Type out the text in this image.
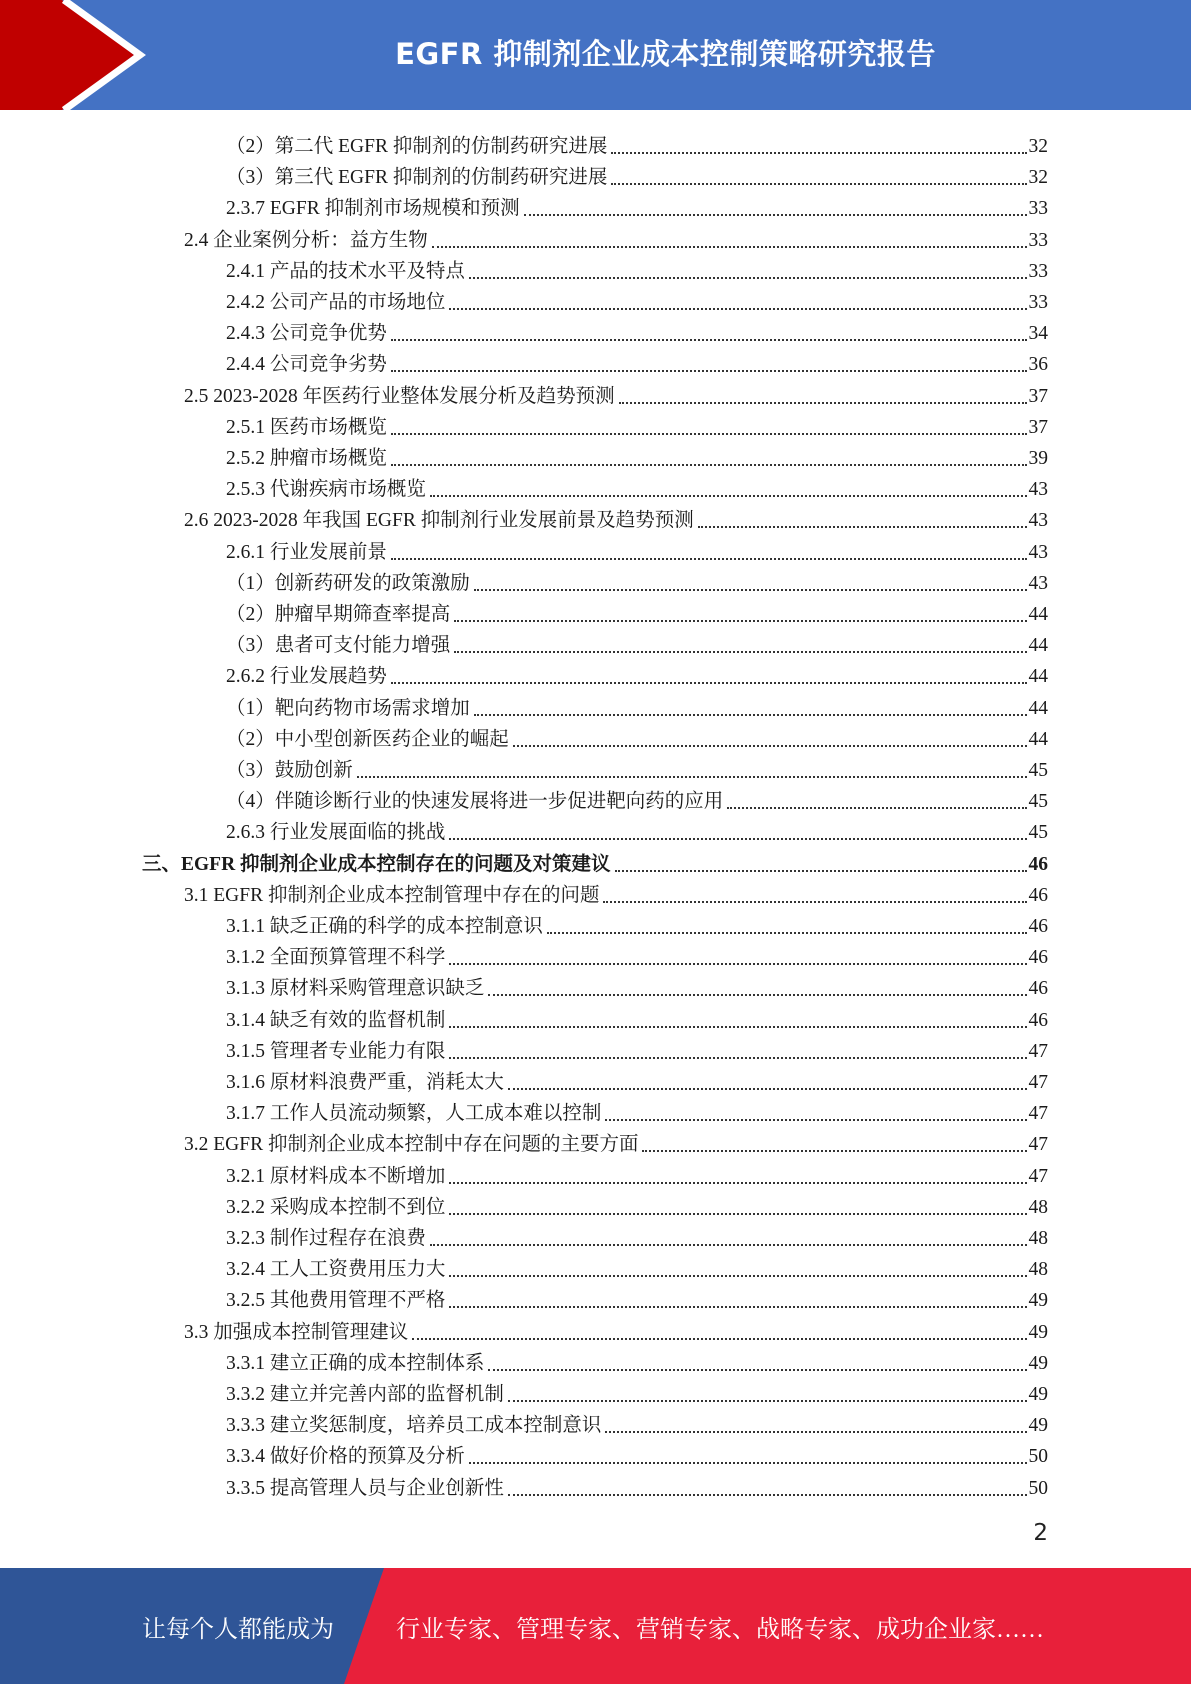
EGFR 抑制剂企业成本控制策略研究报告
（2）第二代 EGFR 抑制剂的仿制药研究进展	32
（3）第三代 EGFR 抑制剂的仿制药研究进展	32
2.3.7 EGFR 抑制剂市场规模和预测	33
2.4 企业案例分析：益方生物	33
2.4.1 产品的技术水平及特点	33
2.4.2 公司产品的市场地位	33
2.4.3 公司竞争优势	34
2.4.4 公司竞争劣势	36
2.5 2023-2028 年医药行业整体发展分析及趋势预测	37
2.5.1 医药市场概览	37
2.5.2 肿瘤市场概览	39
2.5.3 代谢疾病市场概览	43
2.6 2023-2028 年我国 EGFR 抑制剂行业发展前景及趋势预测	43
2.6.1 行业发展前景	43
（1）创新药研发的政策激励	43
（2）肿瘤早期筛查率提高	44
（3）患者可支付能力增强	44
2.6.2 行业发展趋势	44
（1）靶向药物市场需求增加	44
（2）中小型创新医药企业的崛起	44
（3）鼓励创新	45
（4）伴随诊断行业的快速发展将进一步促进靶向药的应用	45
2.6.3 行业发展面临的挑战	45
三、EGFR 抑制剂企业成本控制存在的问题及对策建议	46
3.1 EGFR 抑制剂企业成本控制管理中存在的问题	46
3.1.1 缺乏正确的科学的成本控制意识	46
3.1.2 全面预算管理不科学	46
3.1.3 原材料采购管理意识缺乏	46
3.1.4 缺乏有效的监督机制	46
3.1.5 管理者专业能力有限	47
3.1.6 原材料浪费严重，消耗太大	47
3.1.7 工作人员流动频繁，人工成本难以控制	47
3.2 EGFR 抑制剂企业成本控制中存在问题的主要方面	47
3.2.1 原材料成本不断增加	47
3.2.2 采购成本控制不到位	48
3.2.3 制作过程存在浪费	48
3.2.4 工人工资费用压力大	48
3.2.5 其他费用管理不严格	49
3.3 加强成本控制管理建议	49
3.3.1 建立正确的成本控制体系	49
3.3.2 建立并完善内部的监督机制	49
3.3.3 建立奖惩制度，培养员工成本控制意识	49
3.3.4 做好价格的预算及分析	50
3.3.5 提高管理人员与企业创新性	50
2
让每个人都能成为	行业专家、管理专家、营销专家、战略专家、成功企业家……
